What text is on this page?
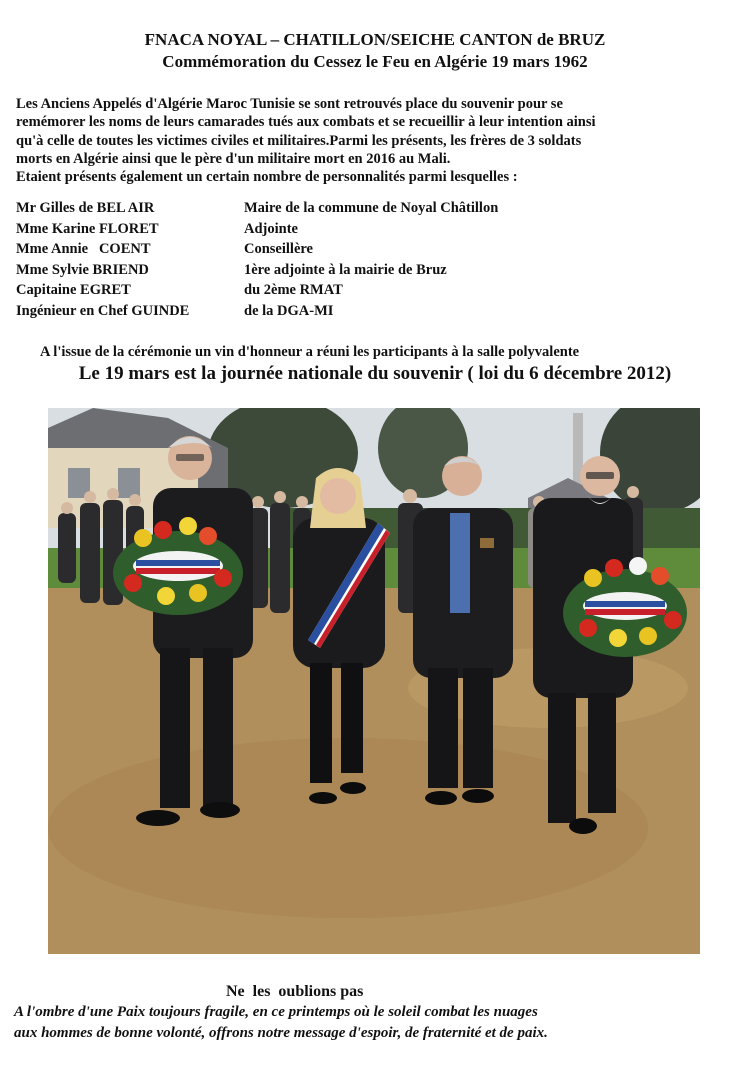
FNACA NOYAL – CHATILLON/SEICHE CANTON de BRUZ
Commémoration du Cessez le Feu en Algérie 19 mars 1962

Les Anciens Appelés d'Algérie Maroc Tunisie se sont retrouvés place du souvenir pour se

remémorer les noms de leurs camarades tués aux combats et se recueillir à leur intention ainsi

qu'à celle de toutes les victimes civiles et militaires.Parmi les présents, les frères de 3 soldats

morts en Algérie ainsi que le père d'un militaire mort en 2016 au Mali.

Etaient présents également un certain nombre de personnalités parmi lesquelles :

Mr Gilles de BEL AIR	Maire de la commune de Noyal Châtillon
Mme Karine FLORET	Adjointe
Mme Annie   COENT	Conseillère
Mme Sylvie BRIEND	1ère adjointe à la mairie de Bruz
Capitaine EGRET	du 2ème RMAT
Ingénieur en Chef GUINDE	de la DGA-MI
A l'issue de la cérémonie un vin d'honneur a réuni les participants à la salle polyvalente
Le 19 mars est la journée nationale du souvenir ( loi du 6 décembre 2012)
Ne  les  oublions pas

A l'ombre d'une Paix toujours fragile, en ce printemps où le soleil combat les nuages

aux hommes de bonne volonté, offrons notre message d'espoir, de fraternité et de paix.
